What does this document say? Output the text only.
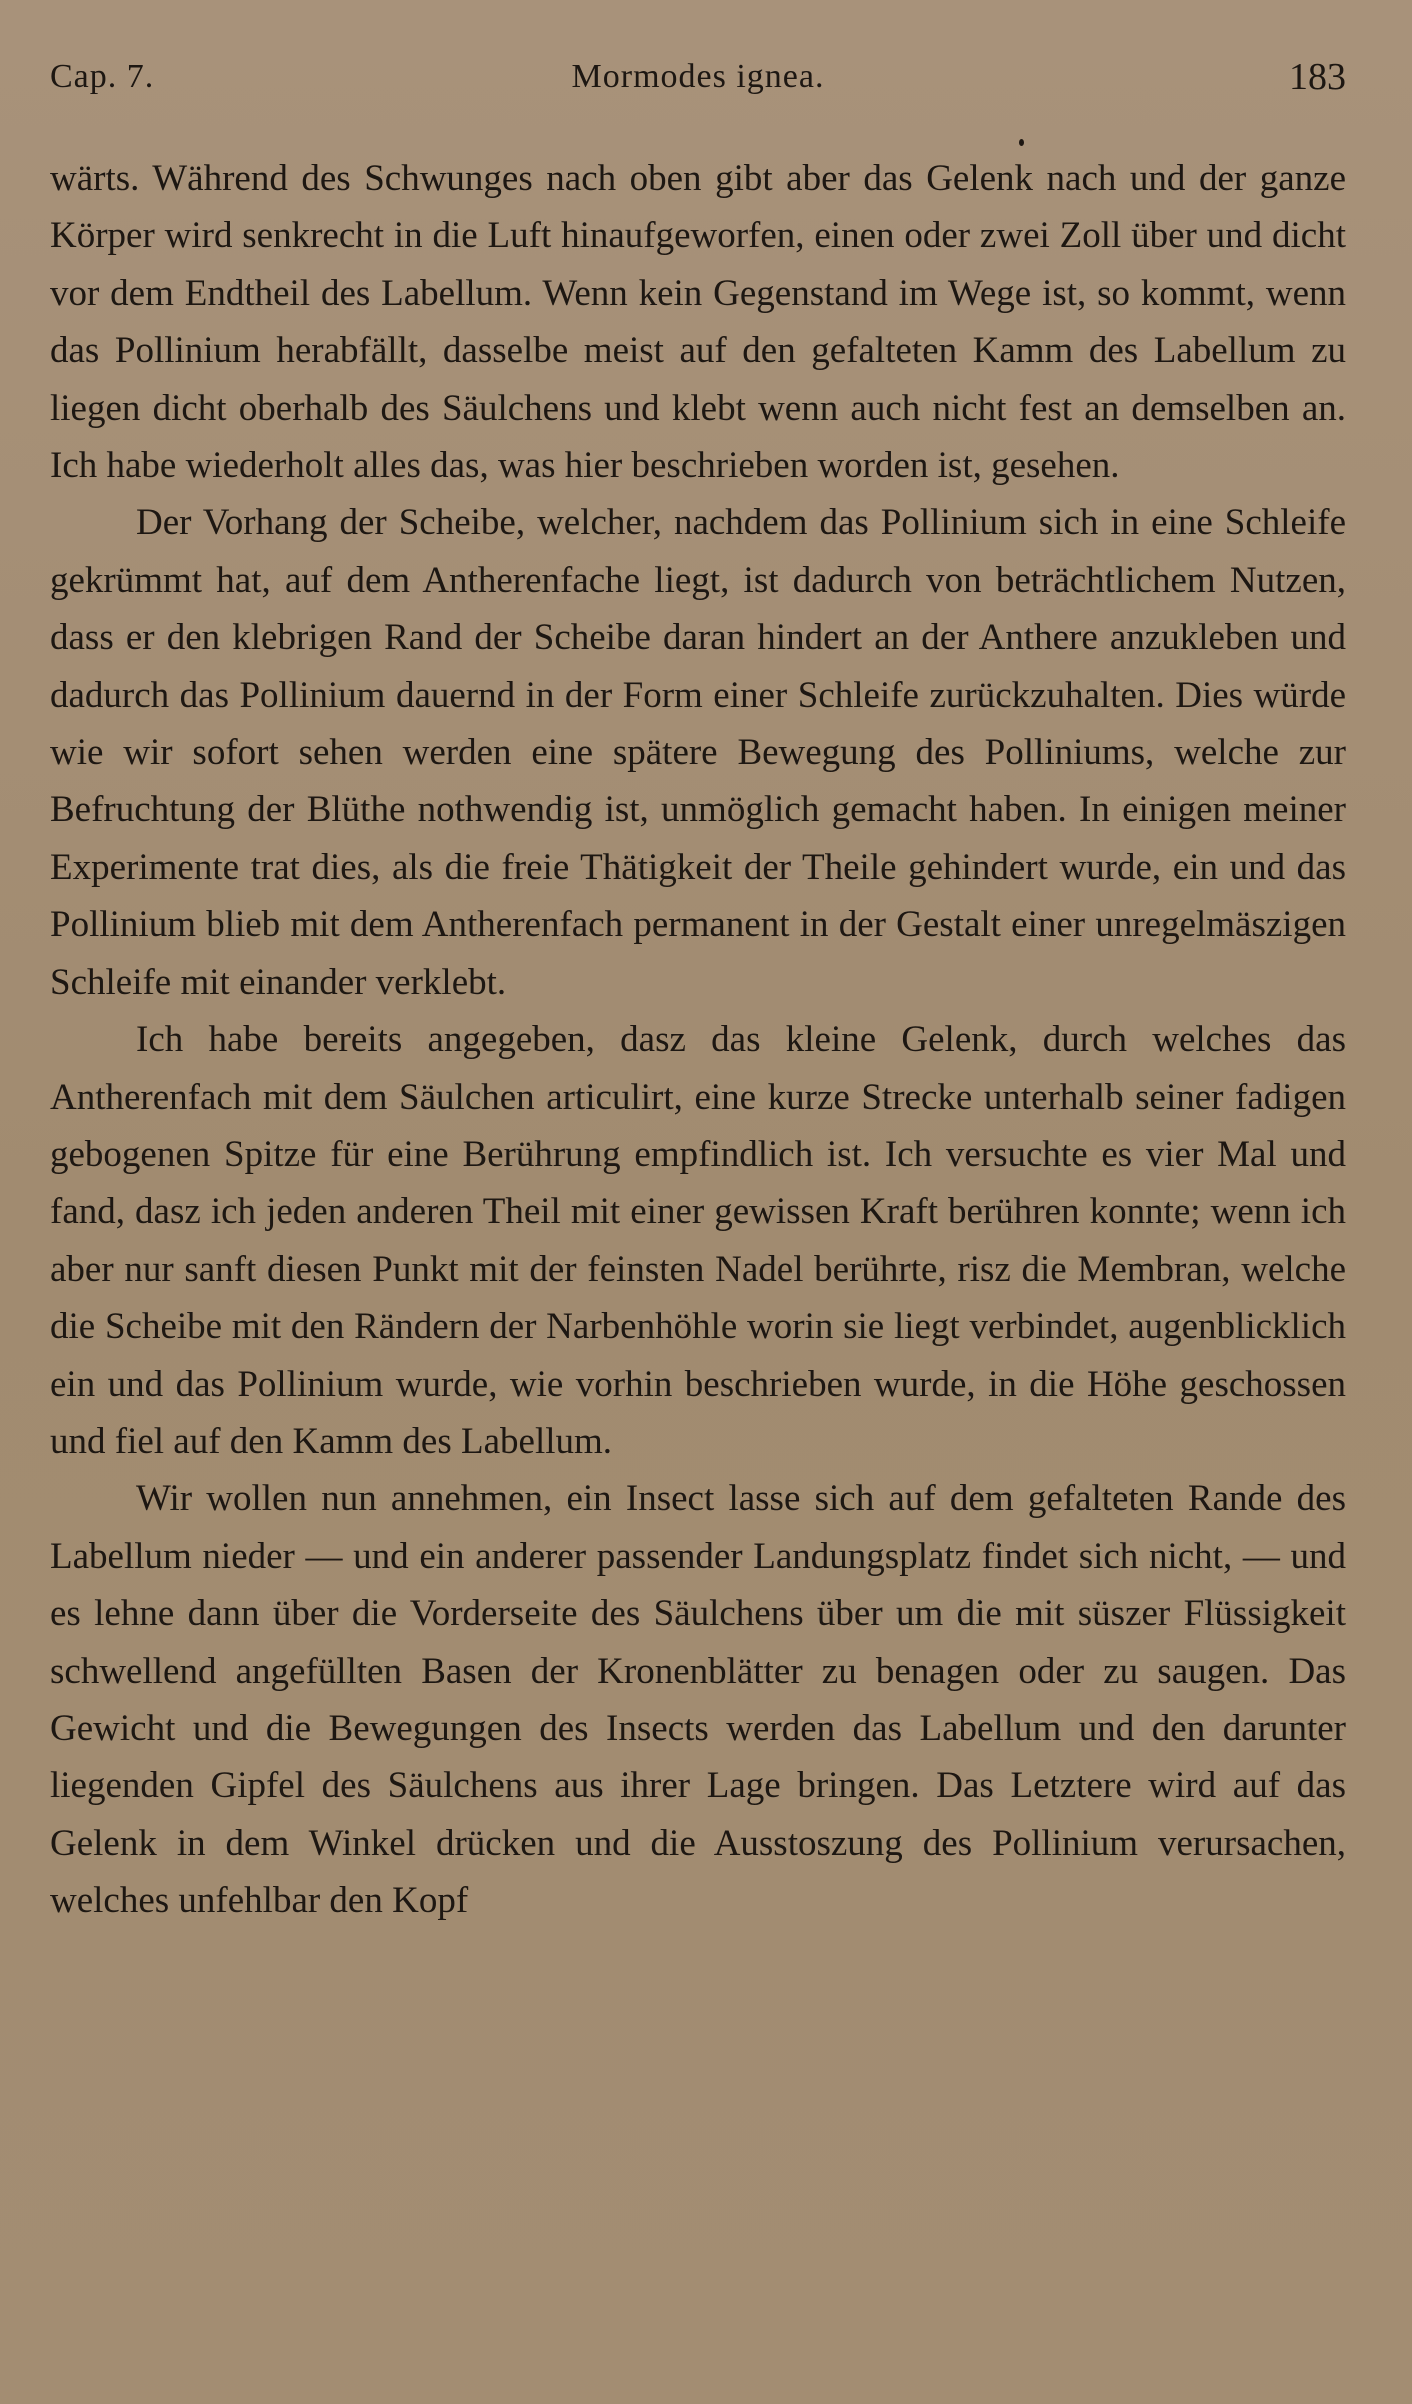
Cap. 7.	Mormodes ignea.	183

wärts. Während des Schwunges nach oben gibt aber das Gelenk nach und der ganze Körper wird senkrecht in die Luft hinaufgeworfen, einen oder zwei Zoll über und dicht vor dem Endtheil des Labellum. Wenn kein Gegenstand im Wege ist, so kommt, wenn das Pollinium herabfällt, dasselbe meist auf den gefalteten Kamm des Labellum zu liegen dicht oberhalb des Säulchens und klebt wenn auch nicht fest an demselben an. Ich habe wiederholt alles das, was hier beschrieben worden ist, gesehen.

Der Vorhang der Scheibe, welcher, nachdem das Pollinium sich in eine Schleife gekrümmt hat, auf dem Antherenfache liegt, ist dadurch von beträchtlichem Nutzen, dass er den klebrigen Rand der Scheibe daran hindert an der Anthere anzukleben und dadurch das Pollinium dauernd in der Form einer Schleife zurückzuhalten. Dies würde wie wir sofort sehen werden eine spätere Bewegung des Polliniums, welche zur Befruchtung der Blüthe nothwendig ist, unmöglich gemacht haben. In einigen meiner Experimente trat dies, als die freie Thätigkeit der Theile gehindert wurde, ein und das Pollinium blieb mit dem Antherenfach permanent in der Gestalt einer unregelmäszigen Schleife mit einander verklebt.

Ich habe bereits angegeben, dasz das kleine Gelenk, durch welches das Antherenfach mit dem Säulchen articulirt, eine kurze Strecke unterhalb seiner fadigen gebogenen Spitze für eine Berührung empfindlich ist. Ich versuchte es vier Mal und fand, dasz ich jeden anderen Theil mit einer gewissen Kraft berühren konnte; wenn ich aber nur sanft diesen Punkt mit der feinsten Nadel berührte, risz die Membran, welche die Scheibe mit den Rändern der Narbenhöhle worin sie liegt verbindet, augenblicklich ein und das Pollinium wurde, wie vorhin beschrieben wurde, in die Höhe geschossen und fiel auf den Kamm des Labellum.

Wir wollen nun annehmen, ein Insect lasse sich auf dem gefalteten Rande des Labellum nieder — und ein anderer passender Landungsplatz findet sich nicht, — und es lehne dann über die Vorderseite des Säulchens über um die mit süszer Flüssigkeit schwellend angefüllten Basen der Kronenblätter zu benagen oder zu saugen. Das Gewicht und die Bewegungen des Insects werden das Labellum und den darunter liegenden Gipfel des Säulchens aus ihrer Lage bringen. Das Letztere wird auf das Gelenk in dem Winkel drücken und die Ausstoszung des Pollinium verursachen, welches unfehlbar den Kopf
